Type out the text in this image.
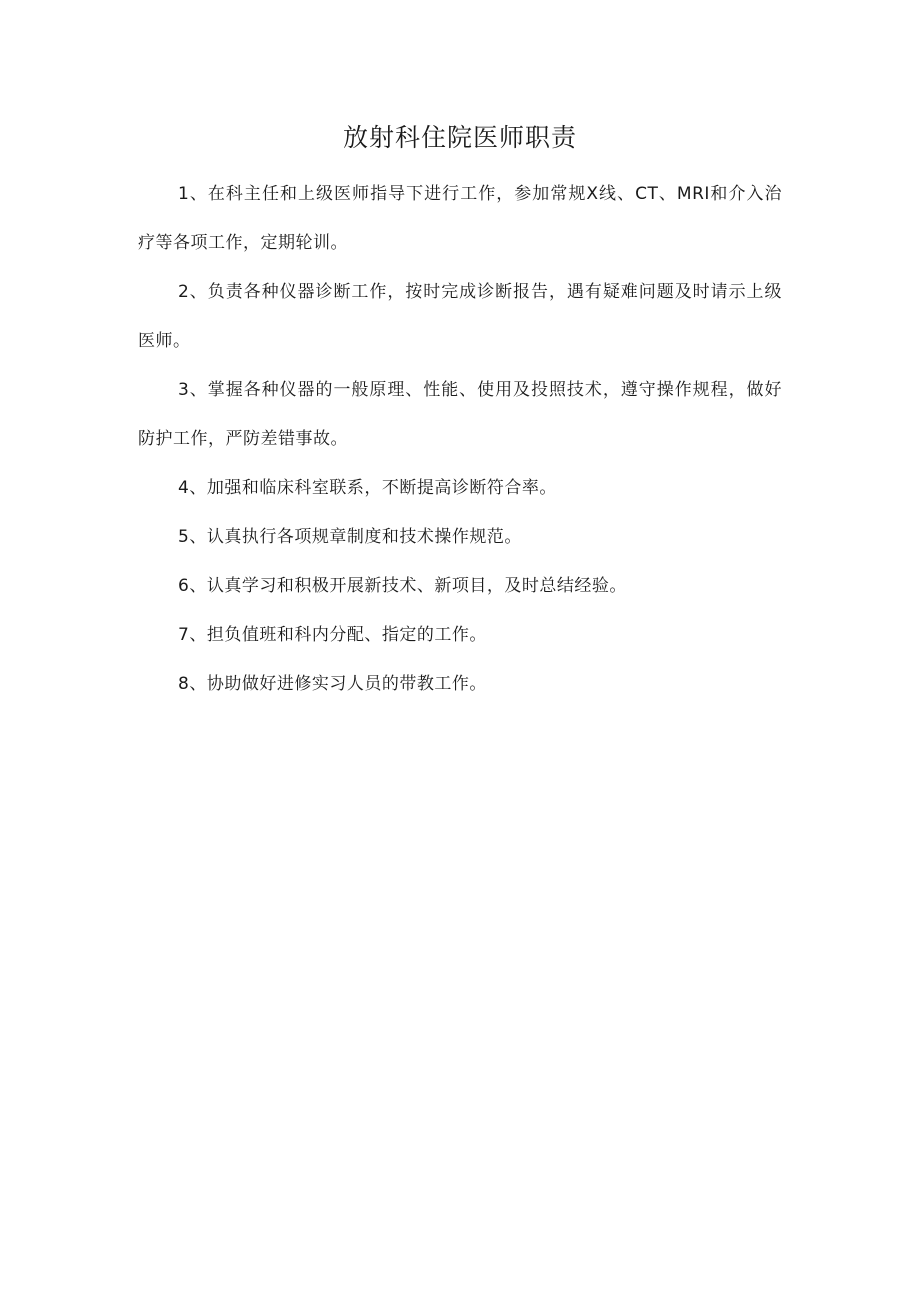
放射科住院医师职责

1、在科主任和上级医师指导下进行工作，参加常规X线、CT、MRI和介入治疗等各项工作，定期轮训。

2、负责各种仪器诊断工作，按时完成诊断报告，遇有疑难问题及时请示上级医师。

3、掌握各种仪器的一般原理、性能、使用及投照技术，遵守操作规程，做好防护工作，严防差错事故。

4、加强和临床科室联系，不断提高诊断符合率。

5、认真执行各项规章制度和技术操作规范。

6、认真学习和积极开展新技术、新项目，及时总结经验。

7、担负值班和科内分配、指定的工作。

8、协助做好进修实习人员的带教工作。
